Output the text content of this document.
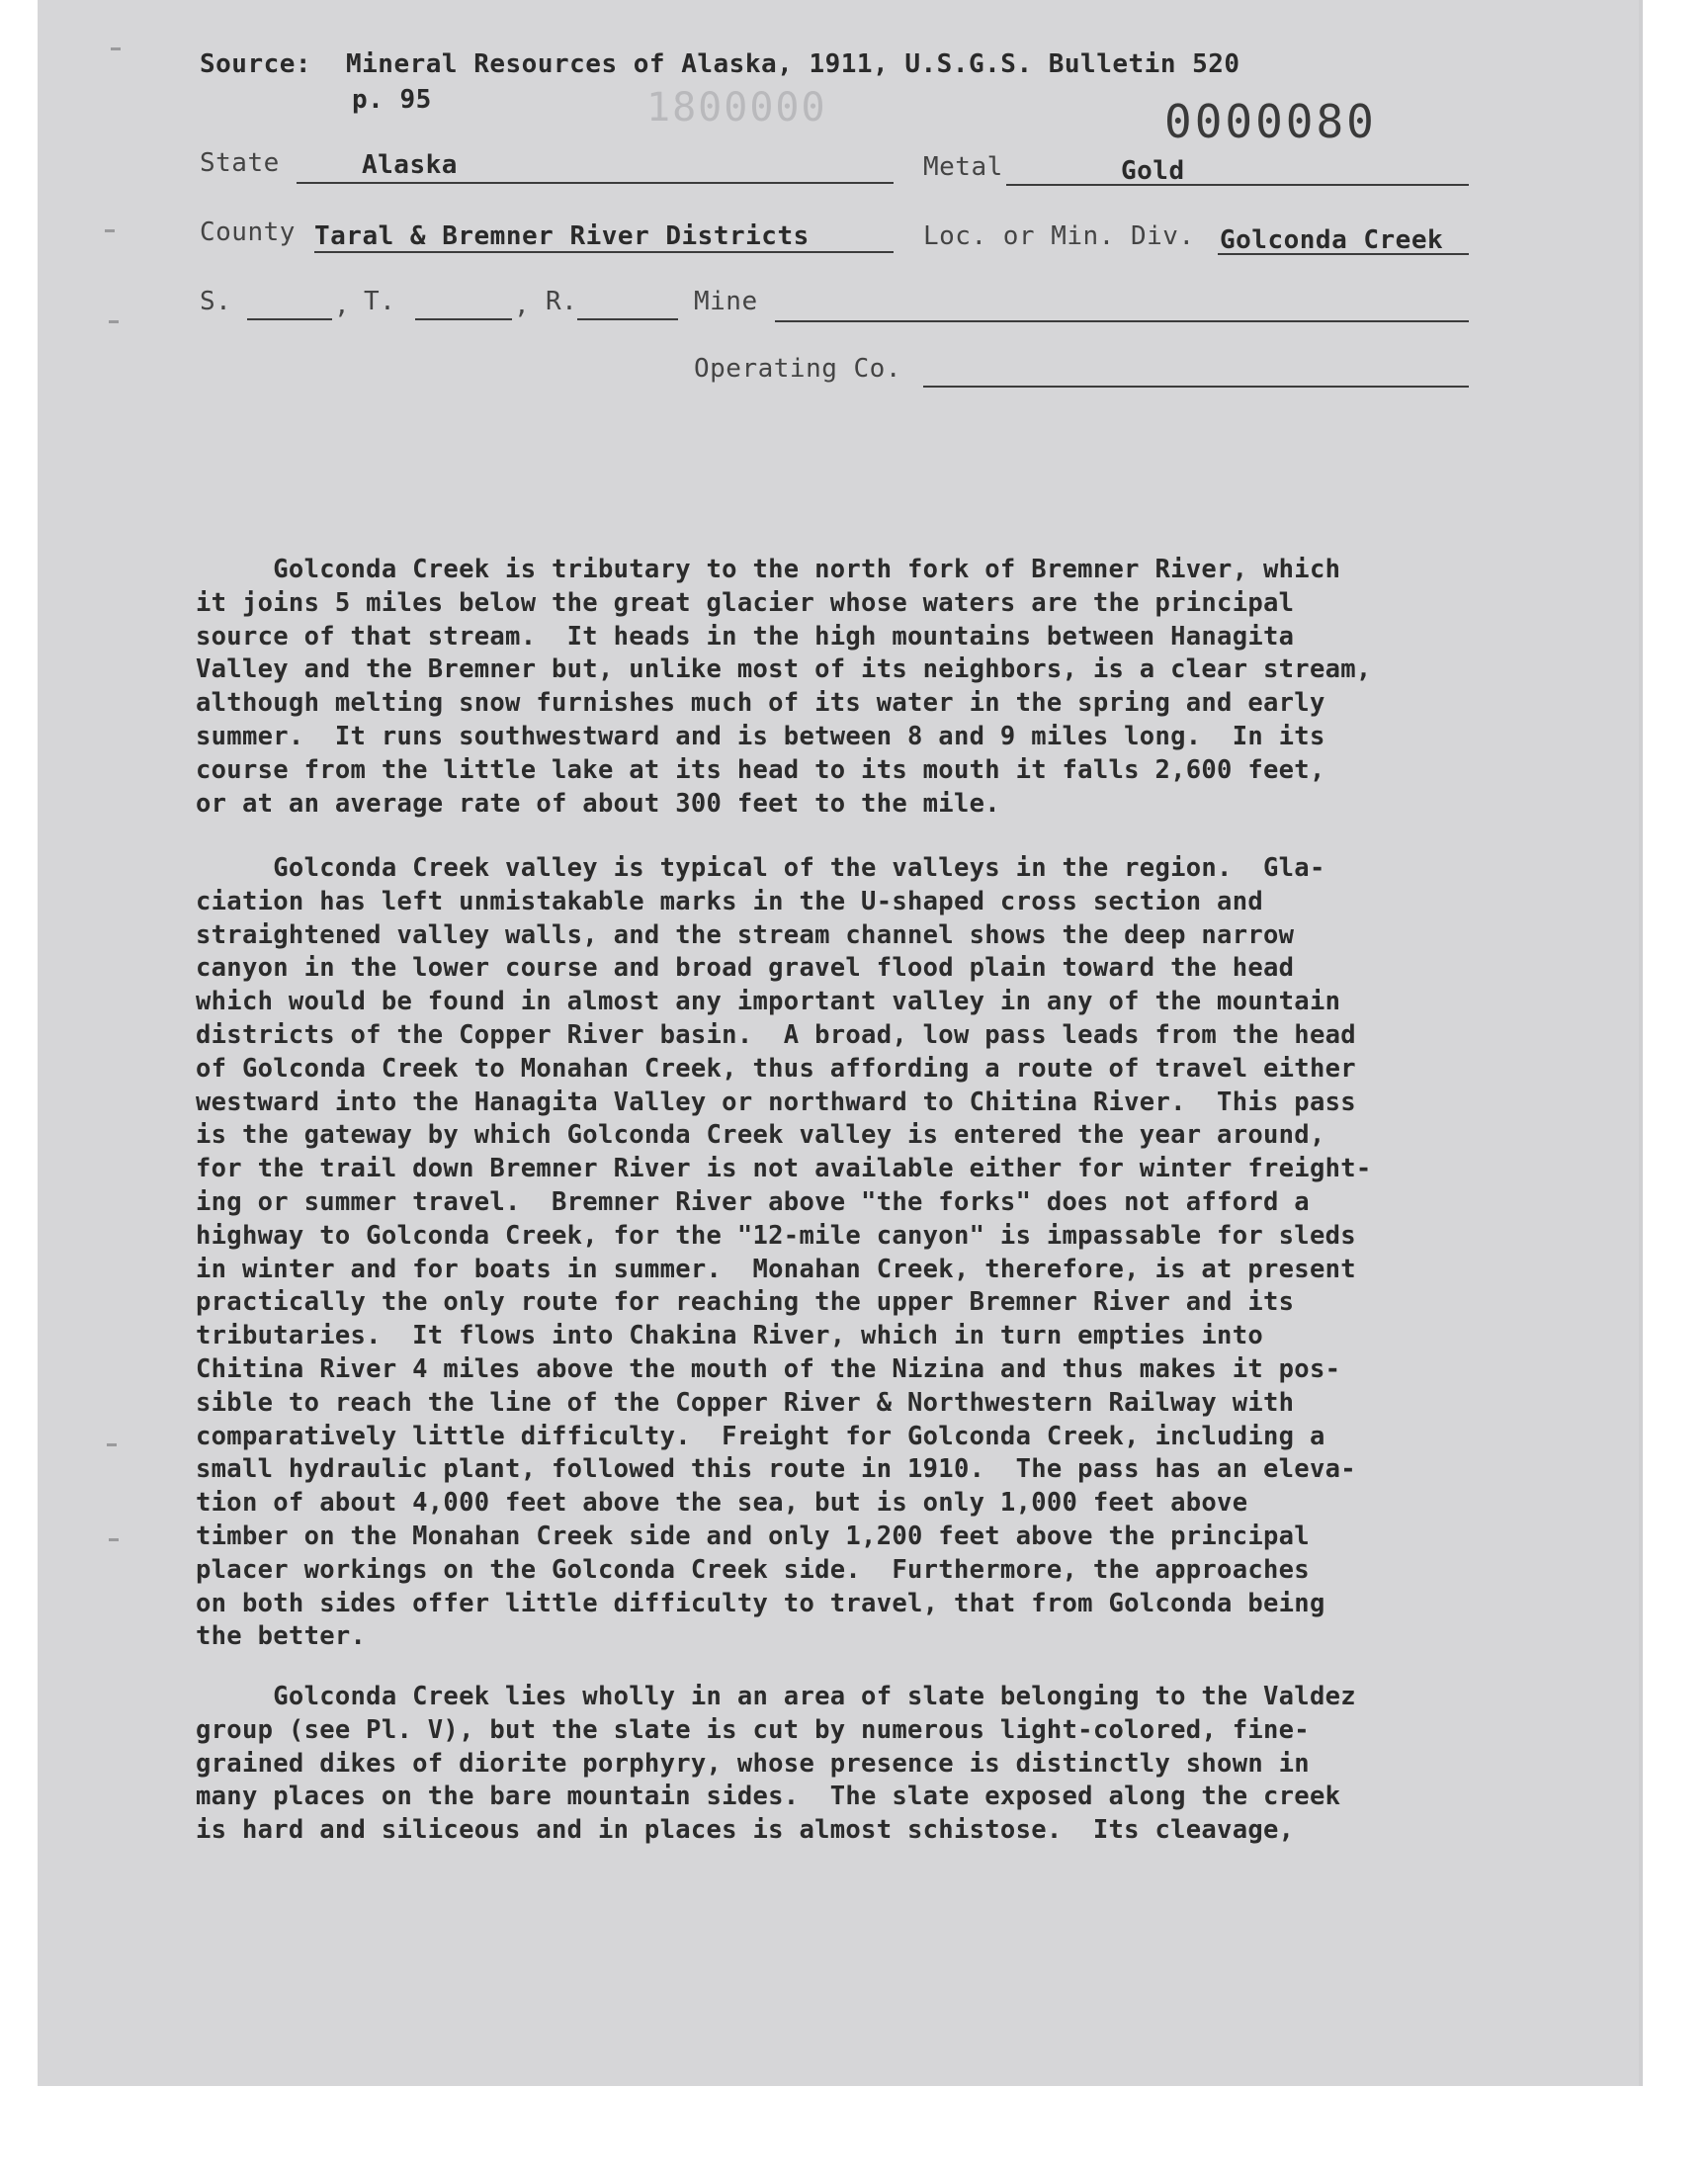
Source: Mineral Resources of Alaska, 1911, U.S.G.S. Bulletin 520
p. 95	1800000	0000080
State	Alaska	Metal	Gold
County Taral & Bremner River Districts	Loc. or Min. Div. Golconda Creek
S.	, T.	, R.	Mine
Operating Co.
Golconda Creek is tributary to the north fork of Bremner River, which
it joins 5 miles below the great glacier whose waters are the principal
source of that stream.  It heads in the high mountains between Hanagita
Valley and the Bremner but, unlike most of its neighbors, is a clear stream,
although melting snow furnishes much of its water in the spring and early
summer.  It runs southwestward and is between 8 and 9 miles long.  In its
course from the little lake at its head to its mouth it falls 2,600 feet,
or at an average rate of about 300 feet to the mile.
Golconda Creek valley is typical of the valleys in the region.  Gla-
ciation has left unmistakable marks in the U-shaped cross section and
straightened valley walls, and the stream channel shows the deep narrow
canyon in the lower course and broad gravel flood plain toward the head
which would be found in almost any important valley in any of the mountain
districts of the Copper River basin.  A broad, low pass leads from the head
of Golconda Creek to Monahan Creek, thus affording a route of travel either
westward into the Hanagita Valley or northward to Chitina River.  This pass
is the gateway by which Golconda Creek valley is entered the year around,
for the trail down Bremner River is not available either for winter freight-
ing or summer travel.  Bremner River above "the forks" does not afford a
highway to Golconda Creek, for the "12-mile canyon" is impassable for sleds
in winter and for boats in summer.  Monahan Creek, therefore, is at present
practically the only route for reaching the upper Bremner River and its
tributaries.  It flows into Chakina River, which in turn empties into
Chitina River 4 miles above the mouth of the Nizina and thus makes it pos-
sible to reach the line of the Copper River & Northwestern Railway with
comparatively little difficulty.  Freight for Golconda Creek, including a
small hydraulic plant, followed this route in 1910.  The pass has an eleva-
tion of about 4,000 feet above the sea, but is only 1,000 feet above
timber on the Monahan Creek side and only 1,200 feet above the principal
placer workings on the Golconda Creek side.  Furthermore, the approaches
on both sides offer little difficulty to travel, that from Golconda being
the better.
Golconda Creek lies wholly in an area of slate belonging to the Valdez
group (see Pl. V), but the slate is cut by numerous light-colored, fine-
grained dikes of diorite porphyry, whose presence is distinctly shown in
many places on the bare mountain sides.  The slate exposed along the creek
is hard and siliceous and in places is almost schistose.  Its cleavage,
